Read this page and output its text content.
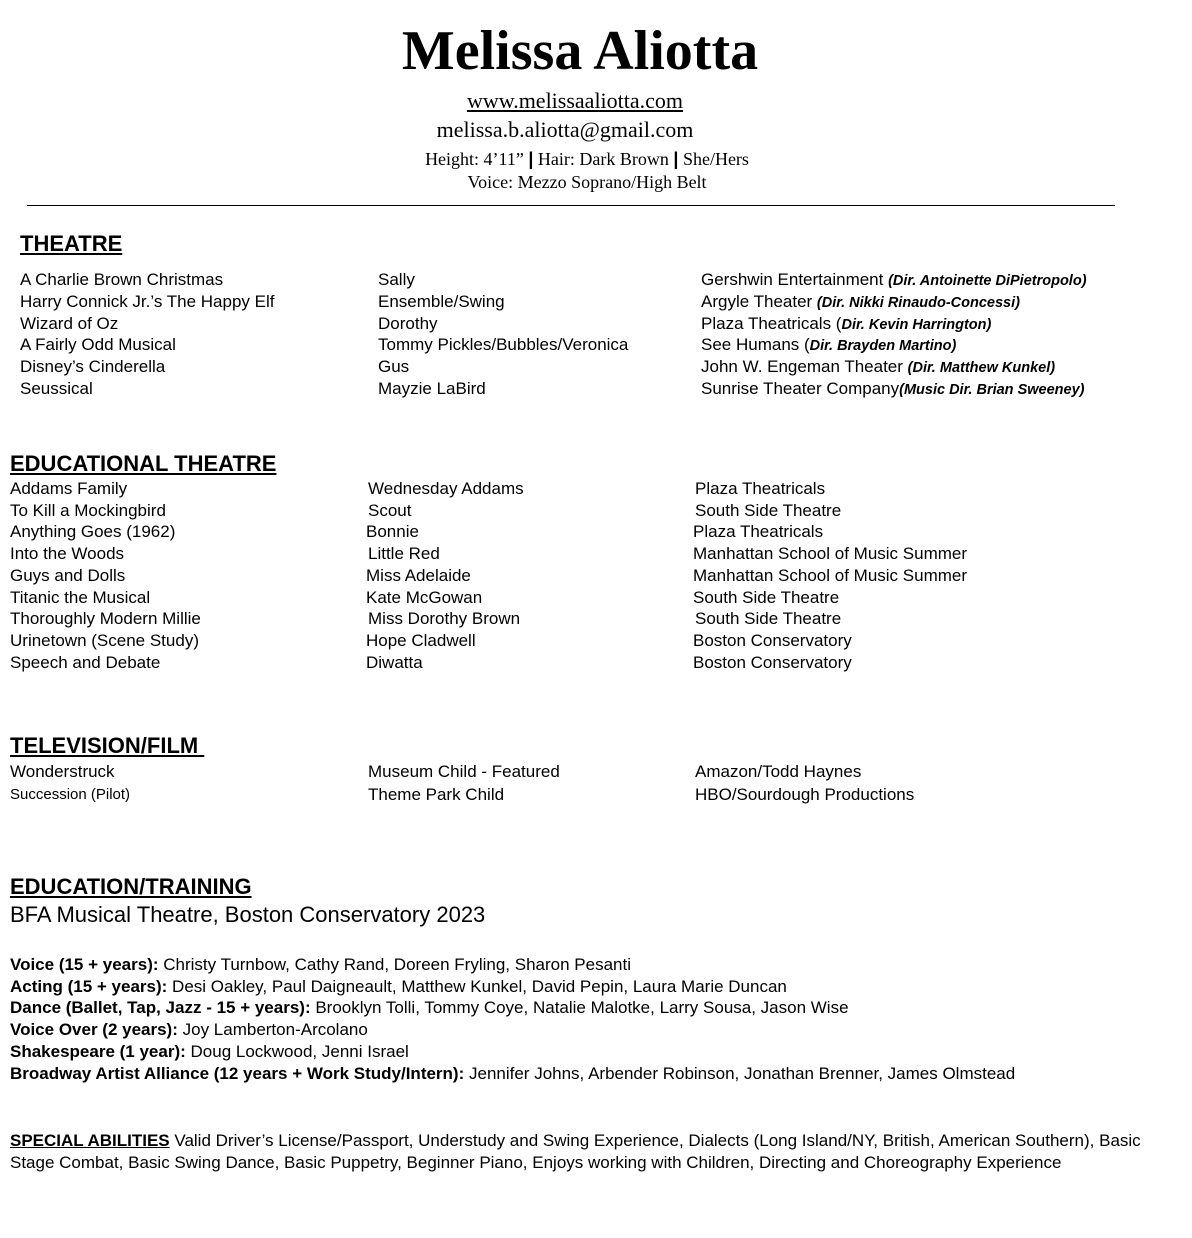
Melissa Aliotta
www.melissaaliotta.com
melissa.b.aliotta@gmail.com
Height: 4’11” | Hair: Dark Brown | She/Hers
Voice: Mezzo Soprano/High Belt
THEATRE
A Charlie Brown Christmas	Sally	Gershwin Entertainment (Dir. Antoinette DiPietropolo)
Harry Connick Jr.’s The Happy Elf	Ensemble/Swing	Argyle Theater (Dir. Nikki Rinaudo-Concessi)
Wizard of Oz	Dorothy	Plaza Theatricals (Dir. Kevin Harrington)
A Fairly Odd Musical	Tommy Pickles/Bubbles/Veronica	See Humans (Dir. Brayden Martino)
Disney’s Cinderella	Gus	John W. Engeman Theater (Dir. Matthew Kunkel)
Seussical	Mayzie LaBird	Sunrise Theater Company(Music Dir. Brian Sweeney)
EDUCATIONAL THEATRE
Addams Family	Wednesday Addams	Plaza Theatricals
To Kill a Mockingbird	Scout	South Side Theatre
Anything Goes (1962)	Bonnie	Plaza Theatricals
Into the Woods	Little Red	Manhattan School of Music Summer
Guys and Dolls	Miss Adelaide	Manhattan School of Music Summer
Titanic the Musical	Kate McGowan	South Side Theatre
Thoroughly Modern Millie	Miss Dorothy Brown	South Side Theatre
Urinetown (Scene Study)	Hope Cladwell	Boston Conservatory
Speech and Debate	Diwatta	Boston Conservatory
TELEVISION/FILM
Wonderstruck	Museum Child - Featured	Amazon/Todd Haynes
Succession (Pilot)	Theme Park Child	HBO/Sourdough Productions
EDUCATION/TRAINING
BFA Musical Theatre, Boston Conservatory 2023
Voice (15 + years): Christy Turnbow, Cathy Rand, Doreen Fryling, Sharon Pesanti
Acting (15 + years): Desi Oakley, Paul Daigneault, Matthew Kunkel, David Pepin, Laura Marie Duncan
Dance (Ballet, Tap, Jazz - 15 + years): Brooklyn Tolli, Tommy Coye, Natalie Malotke, Larry Sousa, Jason Wise
Voice Over (2 years): Joy Lamberton-Arcolano
Shakespeare (1 year): Doug Lockwood, Jenni Israel
Broadway Artist Alliance (12 years + Work Study/Intern): Jennifer Johns, Arbender Robinson, Jonathan Brenner, James Olmstead
SPECIAL ABILITIES Valid Driver’s License/Passport, Understudy and Swing Experience, Dialects (Long Island/NY, British, American Southern), Basic Stage Combat, Basic Swing Dance, Basic Puppetry, Beginner Piano, Enjoys working with Children, Directing and Choreography Experience
